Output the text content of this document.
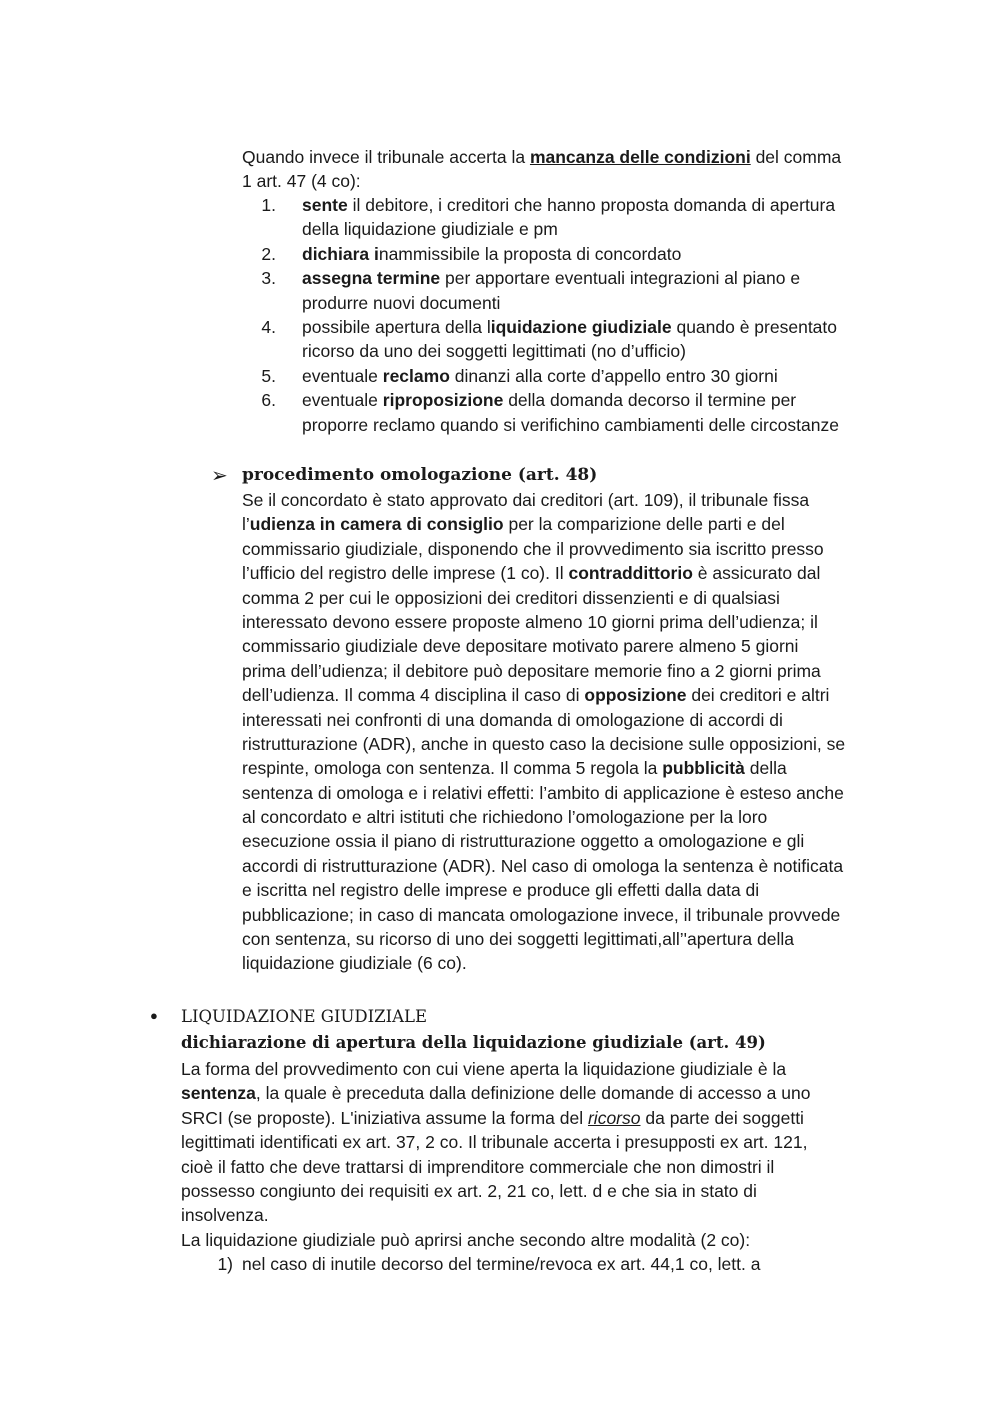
Quando invece il tribunale accerta la mancanza delle condizioni del comma
1 art. 47 (4 co):
1. sente il debitore, i creditori che hanno proposta domanda di apertura
della liquidazione giudiziale e pm
2. dichiara inammissibile la proposta di concordato
3. assegna termine per apportare eventuali integrazioni al piano e
produrre nuovi documenti
4. possibile apertura della liquidazione giudiziale quando è presentato
ricorso da uno dei soggetti legittimati (no d’ufficio)
5. eventuale reclamo dinanzi alla corte d’appello entro 30 giorni
6. eventuale riproposizione della domanda decorso il termine per
proporre reclamo quando si verifichino cambiamenti delle circostanze
➢ procedimento omologazione (art. 48)
Se il concordato è stato approvato dai creditori (art. 109), il tribunale fissa
l’udienza in camera di consiglio per la comparizione delle parti e del
commissario giudiziale, disponendo che il provvedimento sia iscritto presso
l’ufficio del registro delle imprese (1 co). Il contraddittorio è assicurato dal
comma 2 per cui le opposizioni dei creditori dissenzienti e di qualsiasi
interessato devono essere proposte almeno 10 giorni prima dell’udienza; il
commissario giudiziale deve depositare motivato parere almeno 5 giorni
prima dell’udienza; il debitore può depositare memorie fino a 2 giorni prima
dell’udienza. Il comma 4 disciplina il caso di opposizione dei creditori e altri
interessati nei confronti di una domanda di omologazione di accordi di
ristrutturazione (ADR), anche in questo caso la decisione sulle opposizioni, se
respinte, omologa con sentenza. Il comma 5 regola la pubblicità della
sentenza di omologa e i relativi effetti: l’ambito di applicazione è esteso anche
al concordato e altri istituti che richiedono l’omologazione per la loro
esecuzione ossia il piano di ristrutturazione oggetto a omologazione e gli
accordi di ristrutturazione (ADR). Nel caso di omologa la sentenza è notificata
e iscritta nel registro delle imprese e produce gli effetti dalla data di
pubblicazione; in caso di mancata omologazione invece, il tribunale provvede
con sentenza, su ricorso di uno dei soggetti legittimati,all’'apertura della
liquidazione giudiziale (6 co).
● LIQUIDAZIONE GIUDIZIALE
dichiarazione di apertura della liquidazione giudiziale (art. 49)
La forma del provvedimento con cui viene aperta la liquidazione giudiziale è la
sentenza, la quale è preceduta dalla definizione delle domande di accesso a uno
SRCI (se proposte). L'iniziativa assume la forma del ricorso da parte dei soggetti
legittimati identificati ex art. 37, 2 co. Il tribunale accerta i presupposti ex art. 121,
cioè il fatto che deve trattarsi di imprenditore commerciale che non dimostri il
possesso congiunto dei requisiti ex art. 2, 21 co, lett. d e che sia in stato di
insolvenza.
La liquidazione giudiziale può aprirsi anche secondo altre modalità (2 co):
1) nel caso di inutile decorso del termine/revoca ex art. 44,1 co, lett. a
